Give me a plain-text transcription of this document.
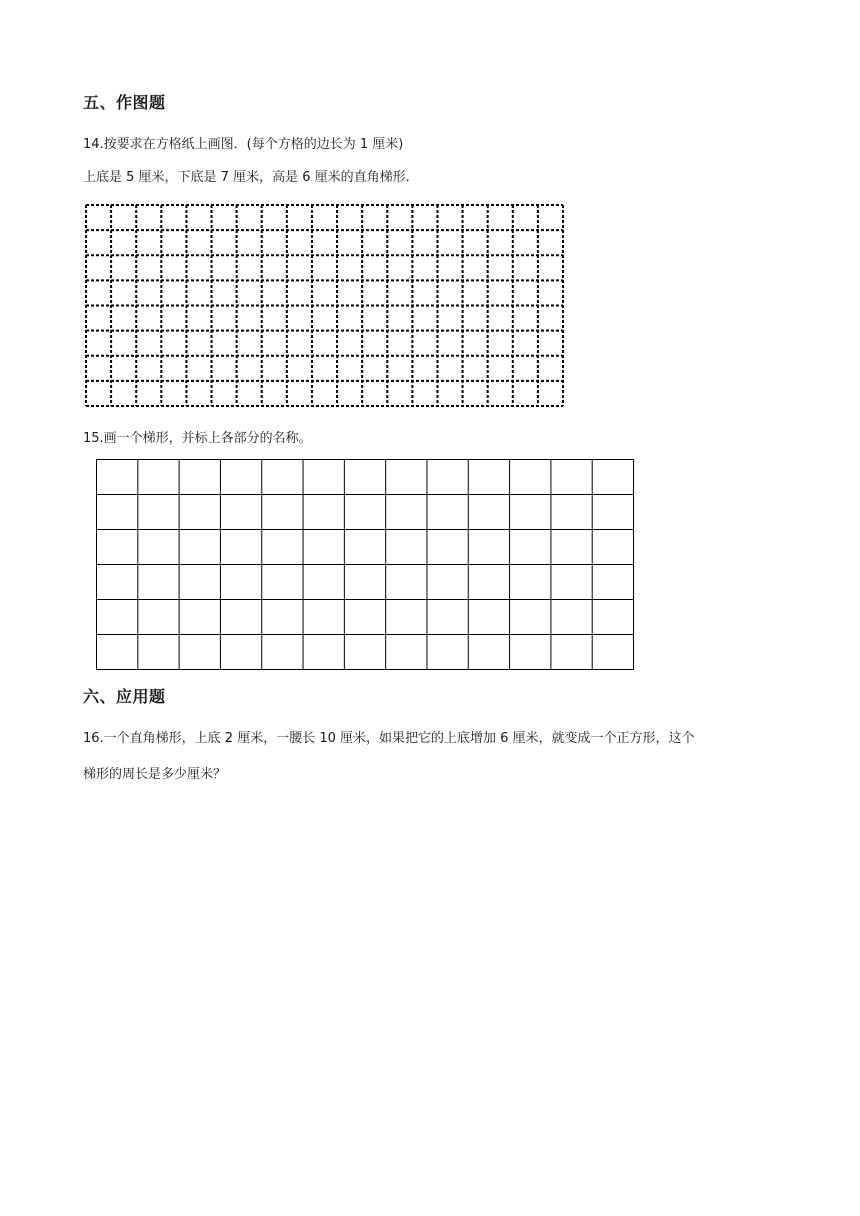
五、作图题
14.按要求在方格纸上画图．(每个方格的边长为 1 厘米)
上底是 5 厘米，下底是 7 厘米，高是 6 厘米的直角梯形．
15.画一个梯形，并标上各部分的名称。
六、应用题
16.一个直角梯形，上底 2 厘米，一腰长 10 厘米，如果把它的上底增加 6 厘米，就变成一个正方形，这个
梯形的周长是多少厘米？
